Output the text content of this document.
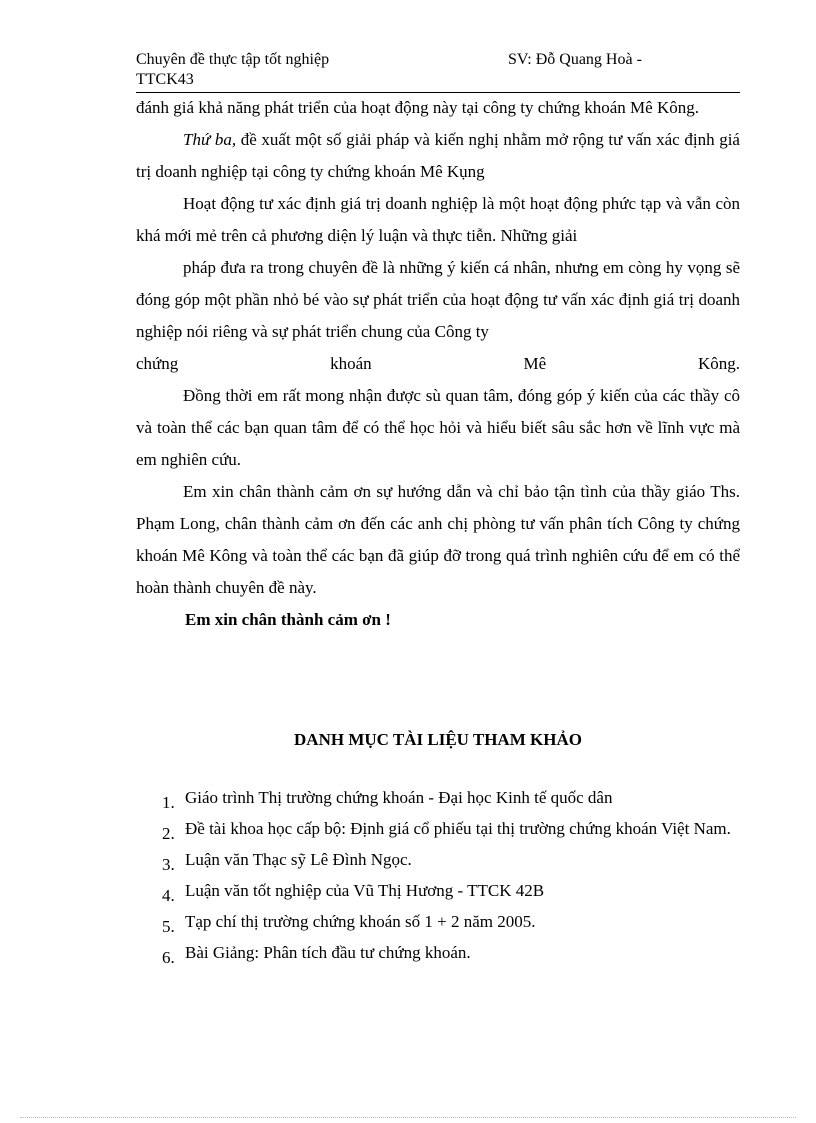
Chuyên đề thực tập tốt nghiệp	SV: Đỗ Quang Hoà -
TTCK43

đánh giá khả năng phát triển của hoạt động này tại công ty chứng khoán Mê Kông.

Thứ ba, đề xuất một số giải pháp và kiến nghị nhằm mở rộng tư vấn xác định giá trị doanh nghiệp tại công ty chứng khoán Mê Kụng

Hoạt động tư xác định giá trị doanh nghiệp là một hoạt động phức tạp và vẫn còn khá mới mẻ trên cả phương diện lý luận và thực tiễn. Những giải

pháp đưa ra trong chuyên đề là những ý kiến cá nhân, nhưng em còng hy vọng sẽ đóng góp một phần nhỏ bé vào sự phát triển của hoạt động tư vấn xác định giá trị doanh nghiệp nói riêng và sự phát triển chung của Công ty

chứng	khoán	Mê	Kông.

Đồng thời em rất mong nhận được sù quan tâm, đóng góp ý kiến của các thầy cô và toàn thể các bạn quan tâm để có thể học hỏi và hiểu biết sâu sắc hơn về lĩnh vực mà em nghiên cứu.

Em xin chân thành cảm ơn sự hướng dẫn và chỉ bảo tận tình của thầy giáo Ths. Phạm Long, chân thành cảm ơn đến các anh chị phòng tư vấn phân tích Công ty chứng khoán Mê Kông và toàn thể các bạn đã giúp đỡ trong quá trình nghiên cứu để em có thể hoàn thành chuyên đề này.

Em xin chân thành cảm ơn !

DANH MỤC TÀI LIỆU THAM KHẢO
1. Giáo trình Thị trường chứng khoán - Đại học Kinh tế quốc dân
2. Đề tài khoa học cấp bộ: Định giá cổ phiếu tại thị trường chứng khoán Việt Nam.
3. Luận văn Thạc sỹ Lê Đình Ngọc.
4. Luận văn tốt nghiệp của Vũ Thị Hương - TTCK 42B
5. Tạp chí thị trường chứng khoán số 1 + 2 năm 2005.
6. Bài Giảng: Phân tích đầu tư chứng khoán.
